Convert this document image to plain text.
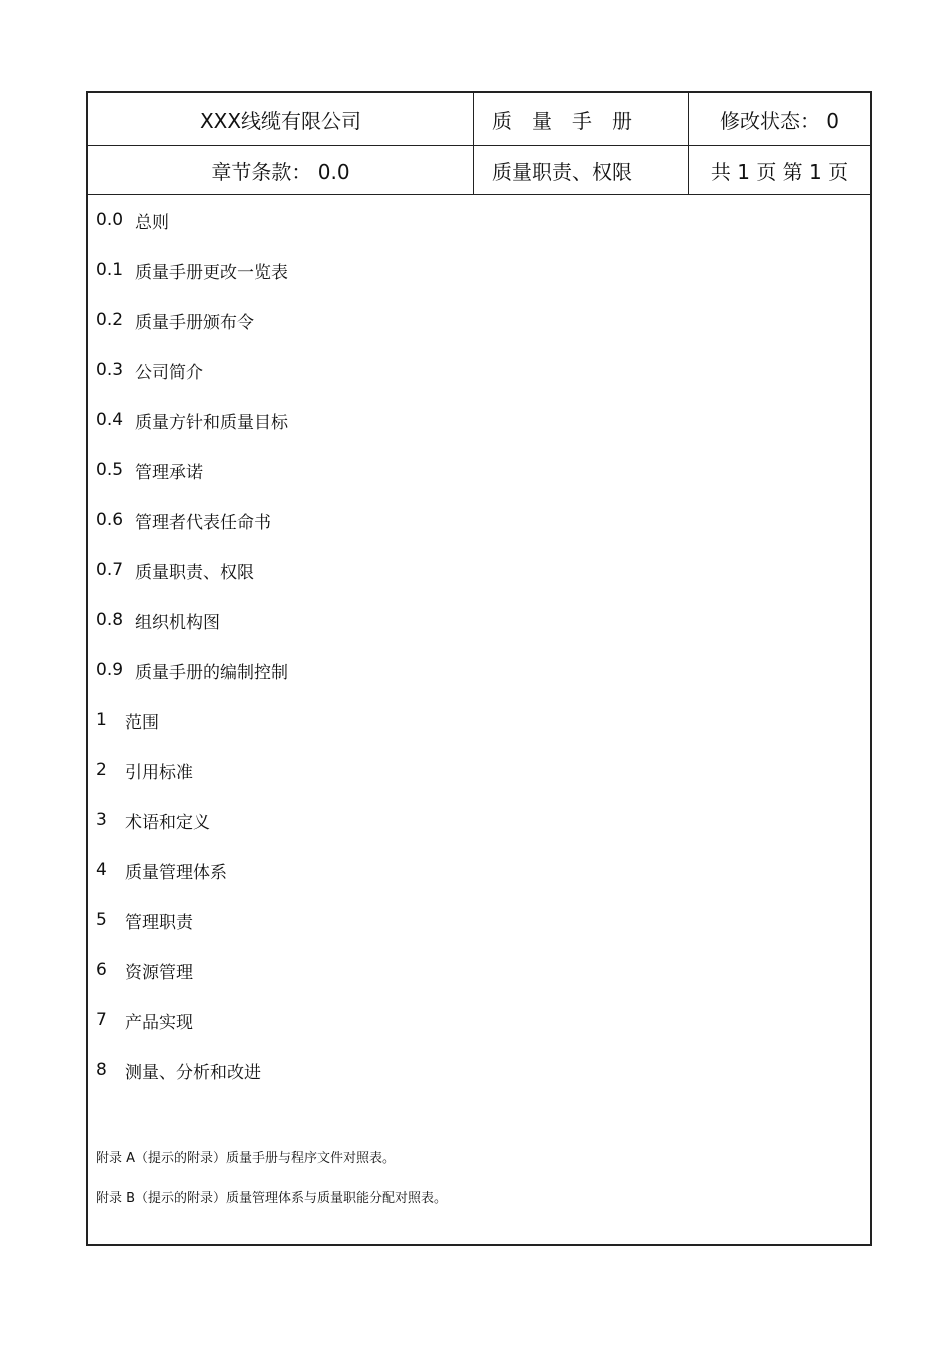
XXX线缆有限公司	质　量　手　册	修改状态： 0
章节条款： 0.0	质量职责、权限	共 1 页 第 1 页
0.0 总则
0.1 质量手册更改一览表
0.2 质量手册颁布令
0.3 公司简介
0.4 质量方针和质量目标
0.5 管理承诺
0.6 管理者代表任命书
0.7 质量职责、权限
0.8 组织机构图
0.9 质量手册的编制控制
1	范围
2	引用标准
3	术语和定义
4	质量管理体系
5	管理职责
6	资源管理
7	产品实现
8	测量、分析和改进
附录 A（提示的附录）质量手册与程序文件对照表。
附录 B（提示的附录）质量管理体系与质量职能分配对照表。
